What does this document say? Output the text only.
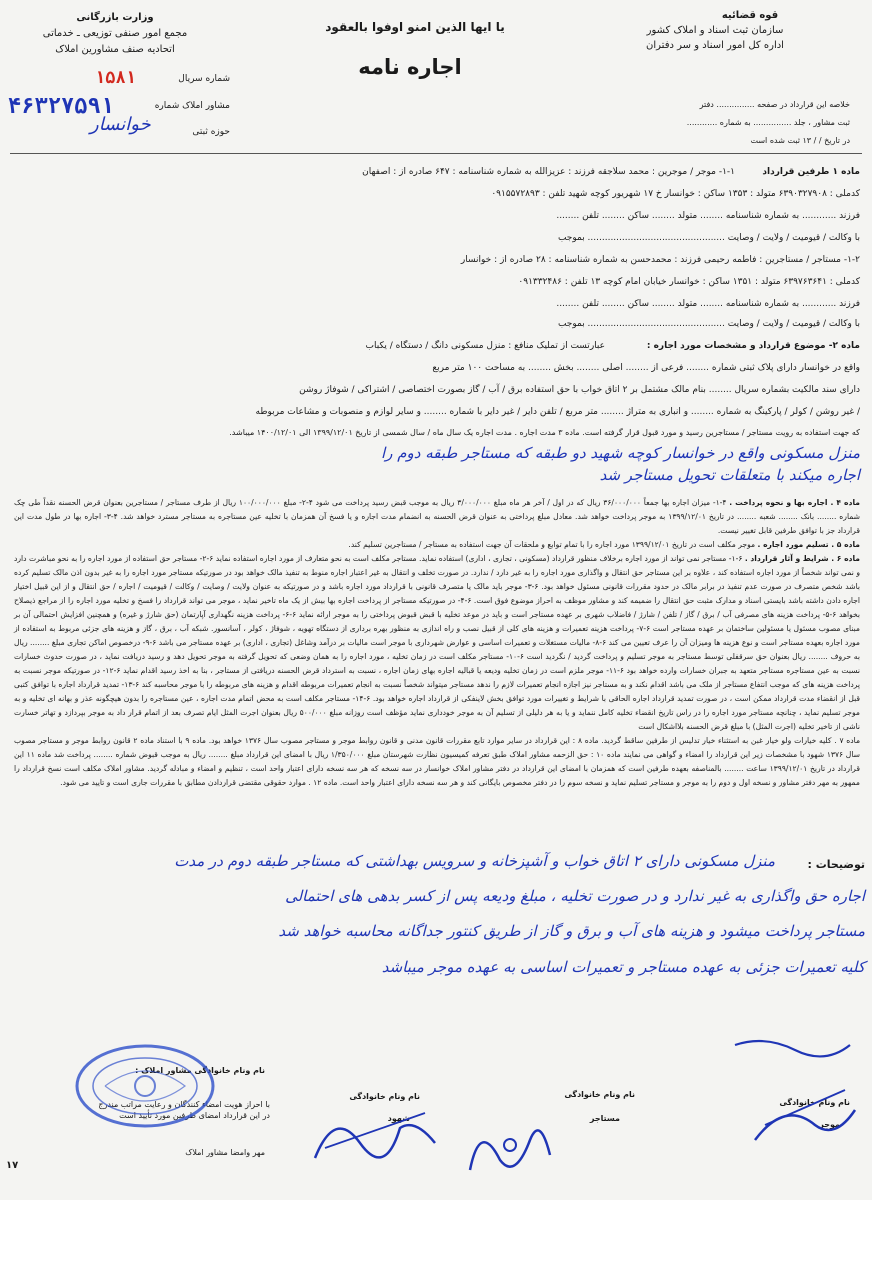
وزارت بازرگانی
مجمع امور صنفی توزیعی ـ خدماتی
اتحادیه صنف مشاورین املاک
شماره سریال
۱۵۸۱
۴۶۳۲۷۵۹۱	مشاور املاک شماره
حوزه ثبتی
خوانسار
یا ایها الذین امنو اوفوا بالعقود
اجاره نامه
قوه قضائیه
سازمان ثبت اسناد و املاک کشور
اداره کل امور اسناد و سر دفتران
خلاصه این قرارداد در صفحه ............... دفتر
ثبت مشاور ، جلد ............... به شماره ............
در تاریخ / / ۱۳ ثبت شده است
ماده ۱ طرفین قرارداد
۱-۱- موجر / موجرین : محمد سلاجقه فرزند : عزیزالله به شماره شناسنامه : ۶۴۷ صادره از : اصفهان
کدملی : ۶۳۹۰۳۲۷۹۰۸ متولد : ۱۳۵۳ ساکن : خوانسار خ ۱۷ شهریور کوچه شهید تلفن : ۰۹۱۵۵۷۲۸۹۳
فرزند ............ به شماره شناسنامه ........ متولد ........ ساکن ........ تلفن ........
با وکالت / قیومیت / ولایت / وصایت ................................................ بموجب
۱-۲- مستاجر / مستاجرین : فاطمه رحیمی فرزند : محمدحسن به شماره شناسنامه : ۲۸ صادره از : خوانسار
کدملی : ۶۳۹۷۶۳۶۴۱ متولد : ۱۳۵۱ ساکن : خوانسار خیابان امام کوچه ۱۳ تلفن : ۰۹۱۳۳۲۴۸۶
فرزند ............ به شماره شناسنامه ........ متولد ........ ساکن ........ تلفن ........
با وکالت / قیومیت / ولایت / وصایت ................................................ بموجب
ماده ۲- موضوع قرارداد و مشخصات مورد اجاره :
عبارتست از تملیک منافع : منزل مسکونی دانگ / دستگاه / یکباب
واقع در خوانسار دارای پلاک ثبتی شماره ........ فرعی از ........ اصلی ........ بخش ........ به مساحت ۱۰۰ متر مربع
دارای سند مالکیت بشماره سریال ........ بنام مالک مشتمل بر ۲ اتاق خواب با حق استفاده برق / آب / گاز بصورت اختصاصی / اشتراکی / شوفاژ روشن
/ غیر روشن / کولر / پارکینگ به شماره ........ و انباری به متراژ ........ متر مربع / تلفن دایر / غیر دایر با شماره ........ و سایر لوازم و منصوبات و مشاعات مربوطه
که جهت استفاده به رویت مستاجر / مستاجرین رسید و مورد قبول قرار گرفته است. ماده ۳ مدت اجاره . مدت اجاره یک سال ماه / سال شمسی از تاریخ ۱۳۹۹/۱۲/۰۱ الی ۱۴۰۰/۱۲/۰۱ میباشد.
منزل مسکونی واقع در خوانسار کوچه شهید دو طبقه که مستاجر طبقه دوم را
اجاره میکند با متعلقات تحویل مستاجر شد

ماده ۴ . اجاره بها و نحوه پرداخت . ۴-۱- میزان اجاره بها جمعاً ۳۶/۰۰۰/۰۰۰ ریال که در اول / آخر هر ماه مبلغ ۳/۰۰۰/۰۰۰ ریال به موجب قبض رسید پرداخت می شود ۴-۲- مبلغ ۱۰۰/۰۰۰/۰۰۰ ریال از طرف مستاجر / مستاجرین بعنوان قرض الحسنه نقداً طی چک شماره ........ بانک ........ شعبه ........ در تاریخ ۱۳۹۹/۱۲/۰۱ به موجر پرداخت خواهد شد. معادل مبلغ پرداختی به عنوان قرض الحسنه به انضمام مدت اجاره و یا فسخ آن همزمان با تخلیه عین مستاجره به مستاجر مسترد خواهد شد. ۴-۳- اجاره بها در طول مدت این قرارداد جز با توافق طرفین قابل تغییر نیست.

ماده ۵ . تسلیم مورد اجاره . موجر مکلف است در تاریخ ۱۳۹۹/۱۲/۰۱ مورد اجاره را با تمام توابع و ملحقات آن جهت استفاده به مستاجر / مستاجرین تسلیم کند.

ماده ۶ . شرایط و آثار قرارداد . ۶-۱- مستاجر نمی تواند از مورد اجاره برخلاف منظور قرارداد (مسکونی ، تجاری ، اداری) استفاده نماید. مستاجر مکلف است به نحو متعارف از مورد اجاره استفاده نماید ۶-۲- مستاجر حق استفاده از مورد اجاره را به نحو مباشرت دارد و نمی تواند شخصاً از مورد اجاره استفاده کند ، علاوه بر این مستاجر حق انتقال و واگذاری مورد اجاره را به غیر دارد / ندارد. در صورت تخلف و انتقال به غیر اعتبار اجاره منوط به تنفیذ مالک خواهد بود در صورتیکه مستاجر مورد اجاره را به غیر بدون اذن مالک تسلیم کرده باشد شخص متصرف در صورت عدم تنفیذ در برابر مالک در حدود مقررات قانونی مسئول خواهد بود. ۶-۳- موجر باید مالک یا متصرف قانونی با قرارداد مورد اجاره باشد و در صورتیکه به عنوان ولایت / وصایت / وکالت / قیومیت / اجاره / حق انتقال و از این قبیل اختیار اجاره دادن داشته باشد بایستی اسناد و مدارک مثبت حق انتقال را ضمیمه کند و مشاور موظف به احراز موضوع فوق است. ۶-۴- در صورتیکه مستاجر از پرداخت اجاره بها بیش از یک ماه تاخیر نماید ، موجر می تواند قرارداد را فسخ و تخلیه مورد اجاره را از مراجع ذیصلاح بخواهد ۶-۵- پرداخت هزینه های مصرفی آب / برق / گاز / تلفن / شارژ / فاضلاب شهری بر عهده مستاجر است و باید در موعد تخلیه با قبض قبوض پرداختی را به موجر ارائه نماید ۶-۶- پرداخت هزینه نگهداری آپارتمان (حق شارژ و غیره) و همچنین افزایش احتمالی آن بر مبنای مصوب مسئول یا مسئولین ساختمان بر عهده مستاجر است ۶-۷- پرداخت هزینه تعمیرات و هزینه های کلی از قبیل نصب و راه اندازی به منظور بهره برداری از دستگاه تهویه ، شوفاژ ، کولر ، آسانسور. شبکه آب ، برق ، گاز و هزینه های جزئی مربوط به استفاده از مورد اجاره بعهده مستاجر است و نوع هزینه ها ومیزان آن را عرف تعیین می کند ۶-۸- مالیات مستغلات و تعمیرات اساسی و عوارض شهرداری با موجر است مالیات بر درآمد وشاغل (تجاری ، اداری) بر عهده مستاجر می باشد ۶-۹- درخصوص اماکن تجاری مبلغ ........ ریال به حروف ........ ریال بعنوان حق سرقفلی توسط مستاجر به موجر تسلیم و پرداخت گردید / نگردید است ۶-۱۰- مستاجر مکلف است در زمان تخلیه ، مورد اجاره را به همان وضعی که تحویل گرفته به موجر تحویل دهد و رسید دریافت نماید ، در صورت حدوث خسارات نسبت به عین مستاجره مستاجر متعهد به جبران خسارات وارده خواهد بود ۶-۱۱- موجر ملزم است در زمان تخلیه ودیعه یا قبالیه اجاره بهای زمان اجاره ، نسبت به استرداد قرض الحسنه دریافتی از مستاجر ، بنا به اخذ رسید اقدام نماید ۶-۱۲- در صورتیکه موجر نسبت به پرداخت هزینه های که موجب انتفاع مستاجر از ملک می باشد اقدام نکند و به مستاجر نیز اجازه انجام تعمیرات لازم را ندهد مستاجر میتواند شخصاً نسبت به انجام تعمیرات مربوطه اقدام و هزینه های مربوطه را با موجر محاسبه کند ۶-۱۳- تمدید قرارداد اجاره با توافق کتبی قبل از انقضاء مدت قرارداد ممکن است ، در صورت تمدید قرارداد اجاره الحاقی با شرایط و تغییرات مورد توافق بخش لاینفکی از قرارداد اجاره خواهد بود. ۶-۱۴- مستاجر مکلف است به محض اتمام مدت اجاره ، عین مستاجره را بدون هیچگونه عذر و بهانه ای تخلیه و به موجر تسلیم نماید ، چنانچه مستاجر مورد اجاره را در راس تاریخ انقضاء تخلیه کامل ننماید و یا به هر دلیلی از تسلیم آن به موجر خودداری نماید مؤظف است روزانه مبلغ ۵۰۰/۰۰۰ ریال بعنوان اجرت المثل ایام تصرف بعد از اتمام قرار داد به موجر بپردازد و تهاتر خسارت ناشی از تاخیر تخلیه (اجرت المثل) با مبلغ قرض الحسنه بلااشکال است

ماده ۷ . کلیه خیارات ولو خیار غبن به استثناء خیار تدلیس از طرفین ساقط گردید. ماده ۸ : این قرارداد در سایر موارد تابع مقررات قانون مدنی و قانون روابط موجر و مستاجر مصوب سال ۱۳۷۶ خواهد بود. ماده ۹ با استناد ماده ۲ قانون روابط موجر و مستاجر مصوب سال ۱۳۷۶ شهود با مشخصات زیر این قرارداد را امضاء و گواهی می نمایند ماده ۱۰ : حق الزحمه مشاور املاک طبق تعرفه کمیسیون نظارت شهرستان مبلغ ۱/۳۵۰/۰۰۰ ریال با امضای این قرارداد مبلغ ........ ریال به موجب قبوض شماره ........ پرداخت شد ماده ۱۱ این قرارداد در تاریخ ۱۳۹۹/۱۲/۰۱ ساعت ........ بالمناصفه بعهده طرفین است که همزمان با امضای این قرارداد در دفتر مشاور املاک خوانسار در سه نسخه که هر سه نسخه دارای اعتبار واحد است ، تنظیم و امضاء و مبادله گردید. مشاور املاک مکلف است نسخ قرارداد را ممهور به مهر دفتر مشاور و نسخه اول و دوم را به موجر و مستاجر تسلیم نماید و نسخه سوم را در دفتر مخصوص بایگانی کند و هر سه نسخه دارای اعتبار واحد است. ماده ۱۲ . موارد حقوقی مقتضی قراردادن مطابق با مقررات جاری است و تایید می شود.

توضیحات :
منزل مسکونی دارای ۲ اتاق خواب و آشپزخانه و سرویس بهداشتی که مستاجر طبقه دوم در مدت
اجاره حق واگذاری به غیر ندارد و در صورت تخلیه ، مبلغ ودیعه پس از کسر بدهی های احتمالی
مستاجر پرداخت میشود و هزینه های آب و برق و گاز از طریق کنتور جداگانه محاسبه خواهد شد
کلیه تعمیرات جزئی به عهده مستاجر و تعمیرات اساسی به عهده موجر میباشد
نام ونام خانوادگی مشاور املاک :
با احراز هویت امضاء کنندگان و رعایت مراتب مندرج در این قرارداد امضای طرفین مورد تأیید است
مهر وامضا مشاور املاک
نام ونام خانوادگی
شهود
نام ونام خانوادگی
مستاجر
نام ونام خانوادگی
موجر
۱۷
